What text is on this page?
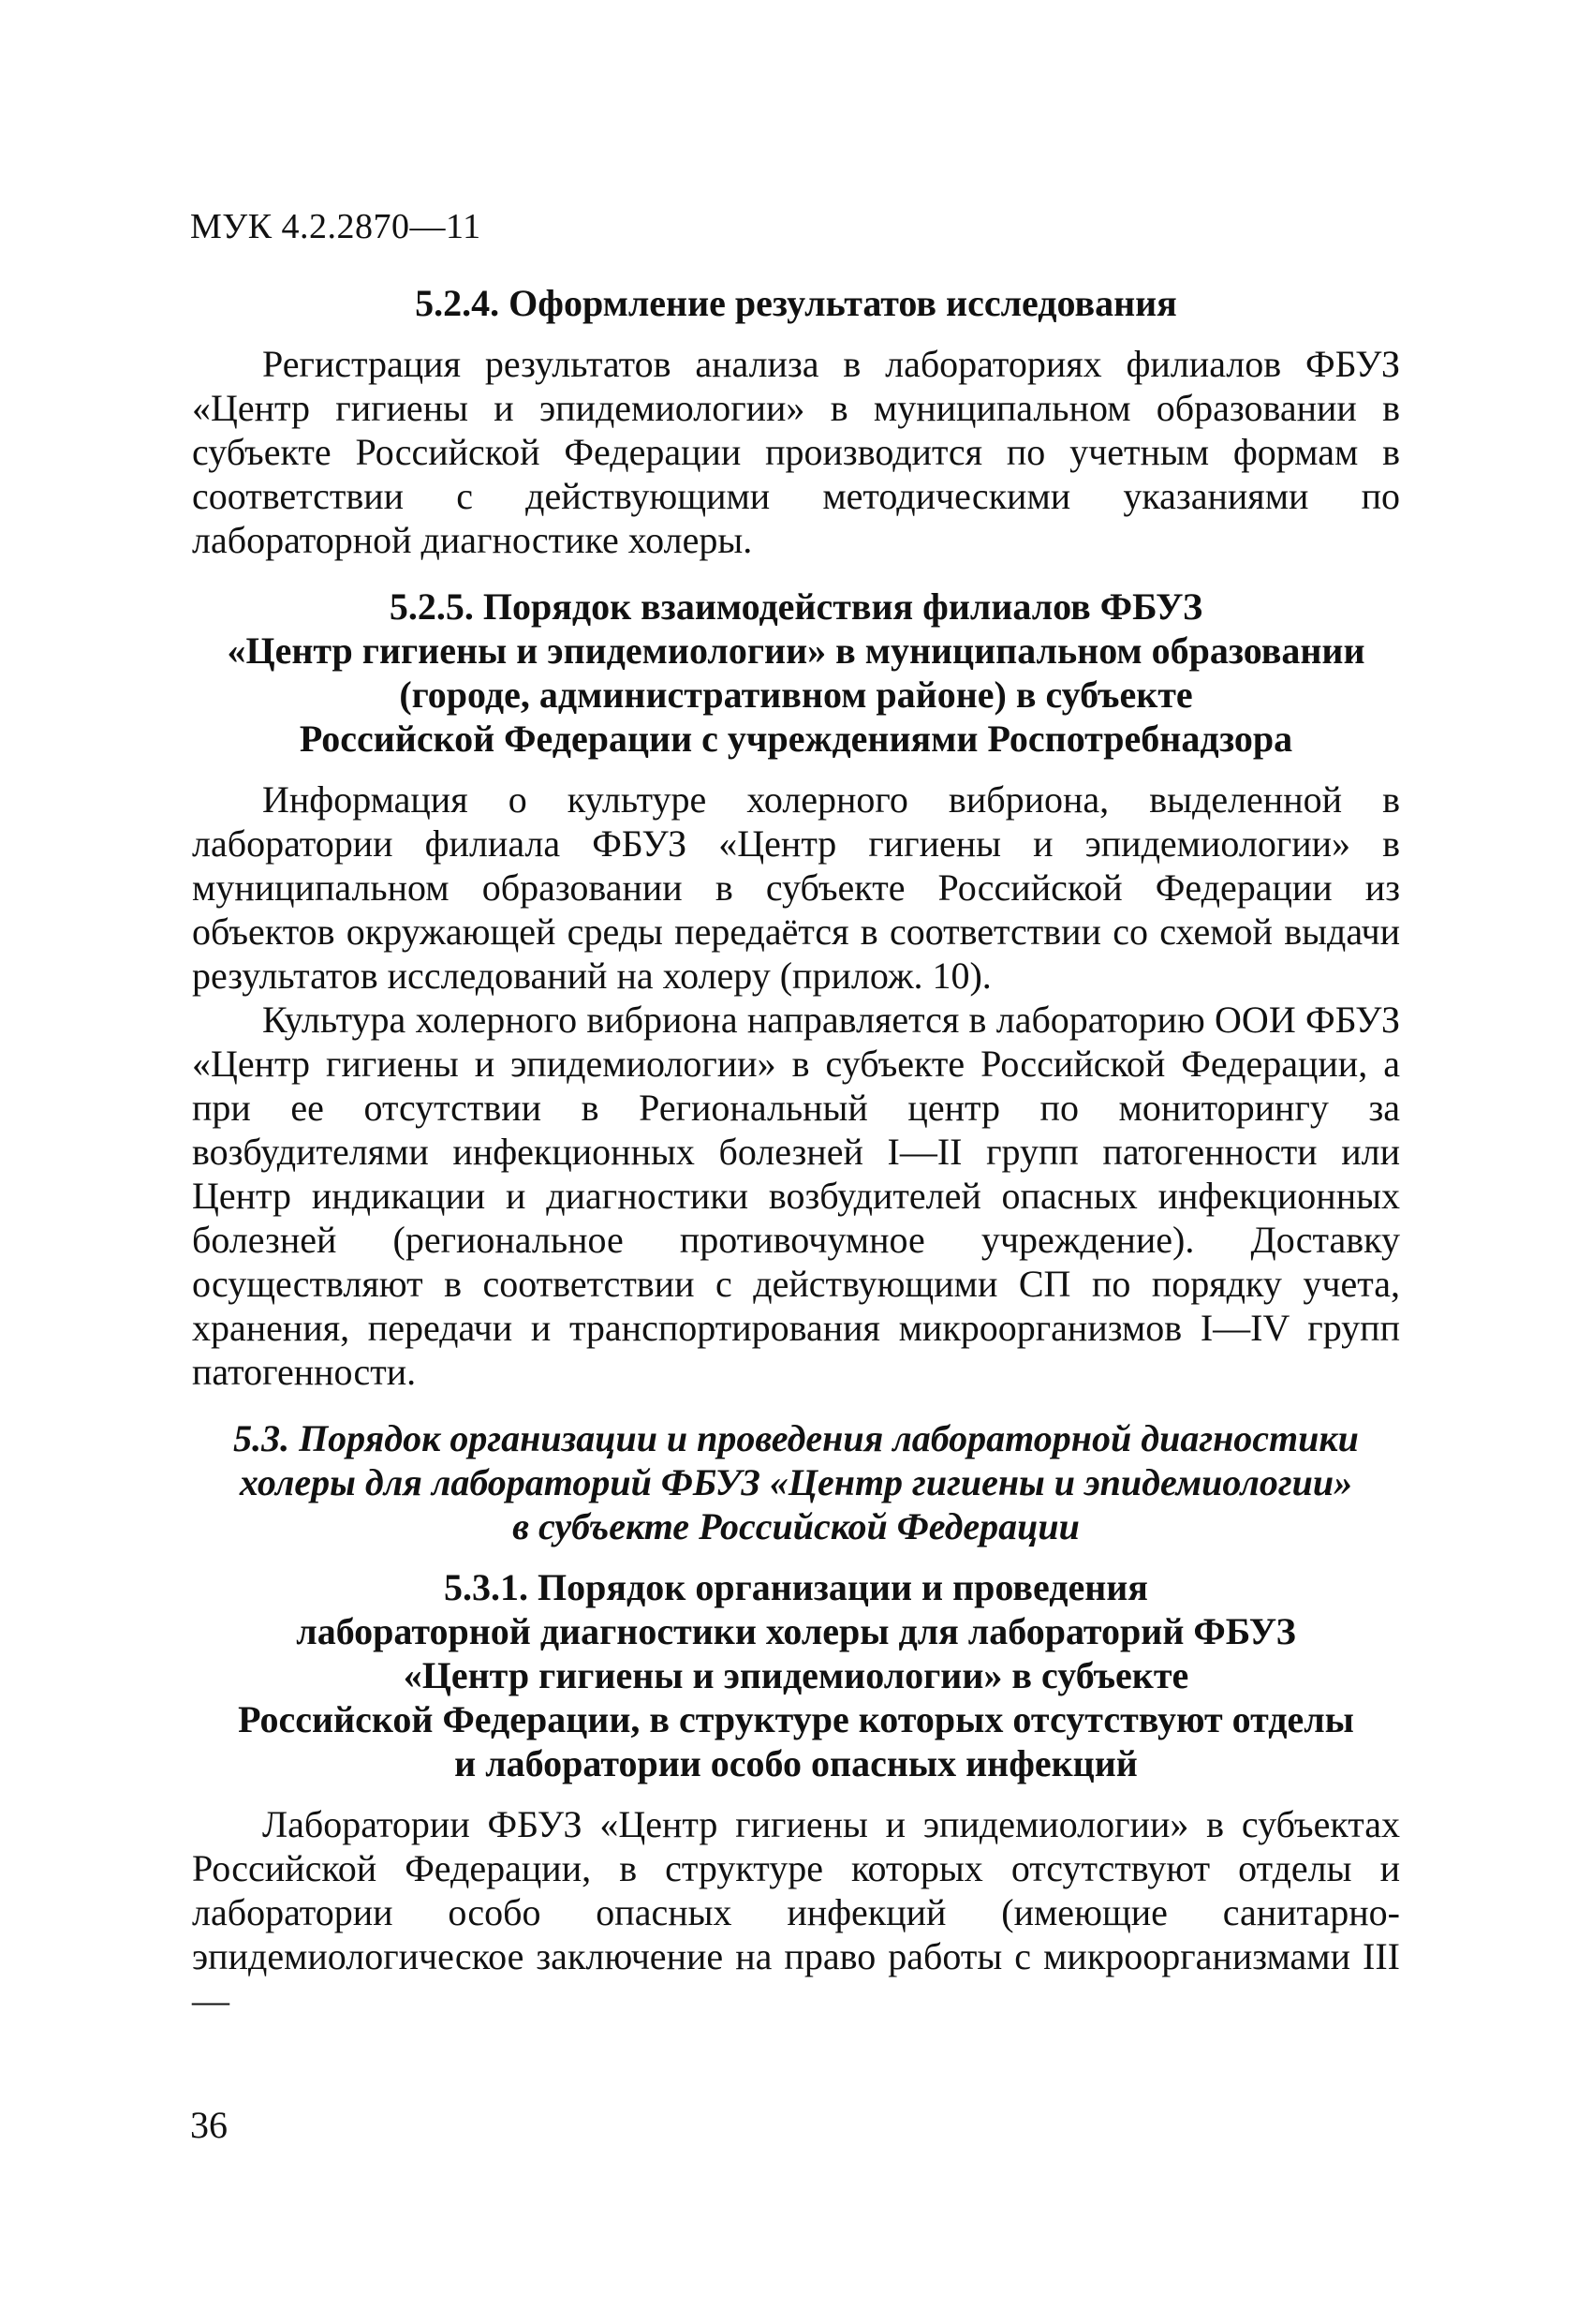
МУК 4.2.2870—11
5.2.4. Оформление результатов исследования

Регистрация результатов анализа в лабораториях филиалов ФБУЗ «Центр гигиены и эпидемиологии» в муниципальном образовании в субъекте Российской Федерации производится по учетным формам в соответствии с действующими методическими указаниями по лабораторной диагностике холеры.

5.2.5. Порядок взаимодействия филиалов ФБУЗ
«Центр гигиены и эпидемиологии» в муниципальном образовании
(городе, административном районе) в субъекте
Российской Федерации с учреждениями Роспотребнадзора

Информация о культуре холерного вибриона, выделенной в лаборатории филиала ФБУЗ «Центр гигиены и эпидемиологии» в муниципальном образовании в субъекте Российской Федерации из объектов окружающей среды передаётся в соответствии со схемой выдачи результатов исследований на холеру (прилож. 10).

Культура холерного вибриона направляется в лабораторию ООИ ФБУЗ «Центр гигиены и эпидемиологии» в субъекте Российской Федерации, а при ее отсутствии в Региональный центр по мониторингу за возбудителями инфекционных болезней I—II групп патогенности или Центр индикации и диагностики возбудителей опасных инфекционных болезней (региональное противочумное учреждение). Доставку осуществляют в соответствии с действующими СП по порядку учета, хранения, передачи и транспортирования микроорганизмов I—IV групп патогенности.

5.3. Порядок организации и проведения лабораторной диагностики
холеры для лабораторий ФБУЗ «Центр гигиены и эпидемиологии»
в субъекте Российской Федерации
5.3.1. Порядок организации и проведения
лабораторной диагностики холеры для лабораторий ФБУЗ
«Центр гигиены и эпидемиологии» в субъекте
Российской Федерации, в структуре которых отсутствуют отделы
и лаборатории особо опасных инфекций

Лаборатории ФБУЗ «Центр гигиены и эпидемиологии» в субъектах Российской Федерации, в структуре которых отсутствуют отделы и лаборатории особо опасных инфекций (имеющие санитарно-эпидемиологическое заключение на право работы с микроорганизмами III—

36
